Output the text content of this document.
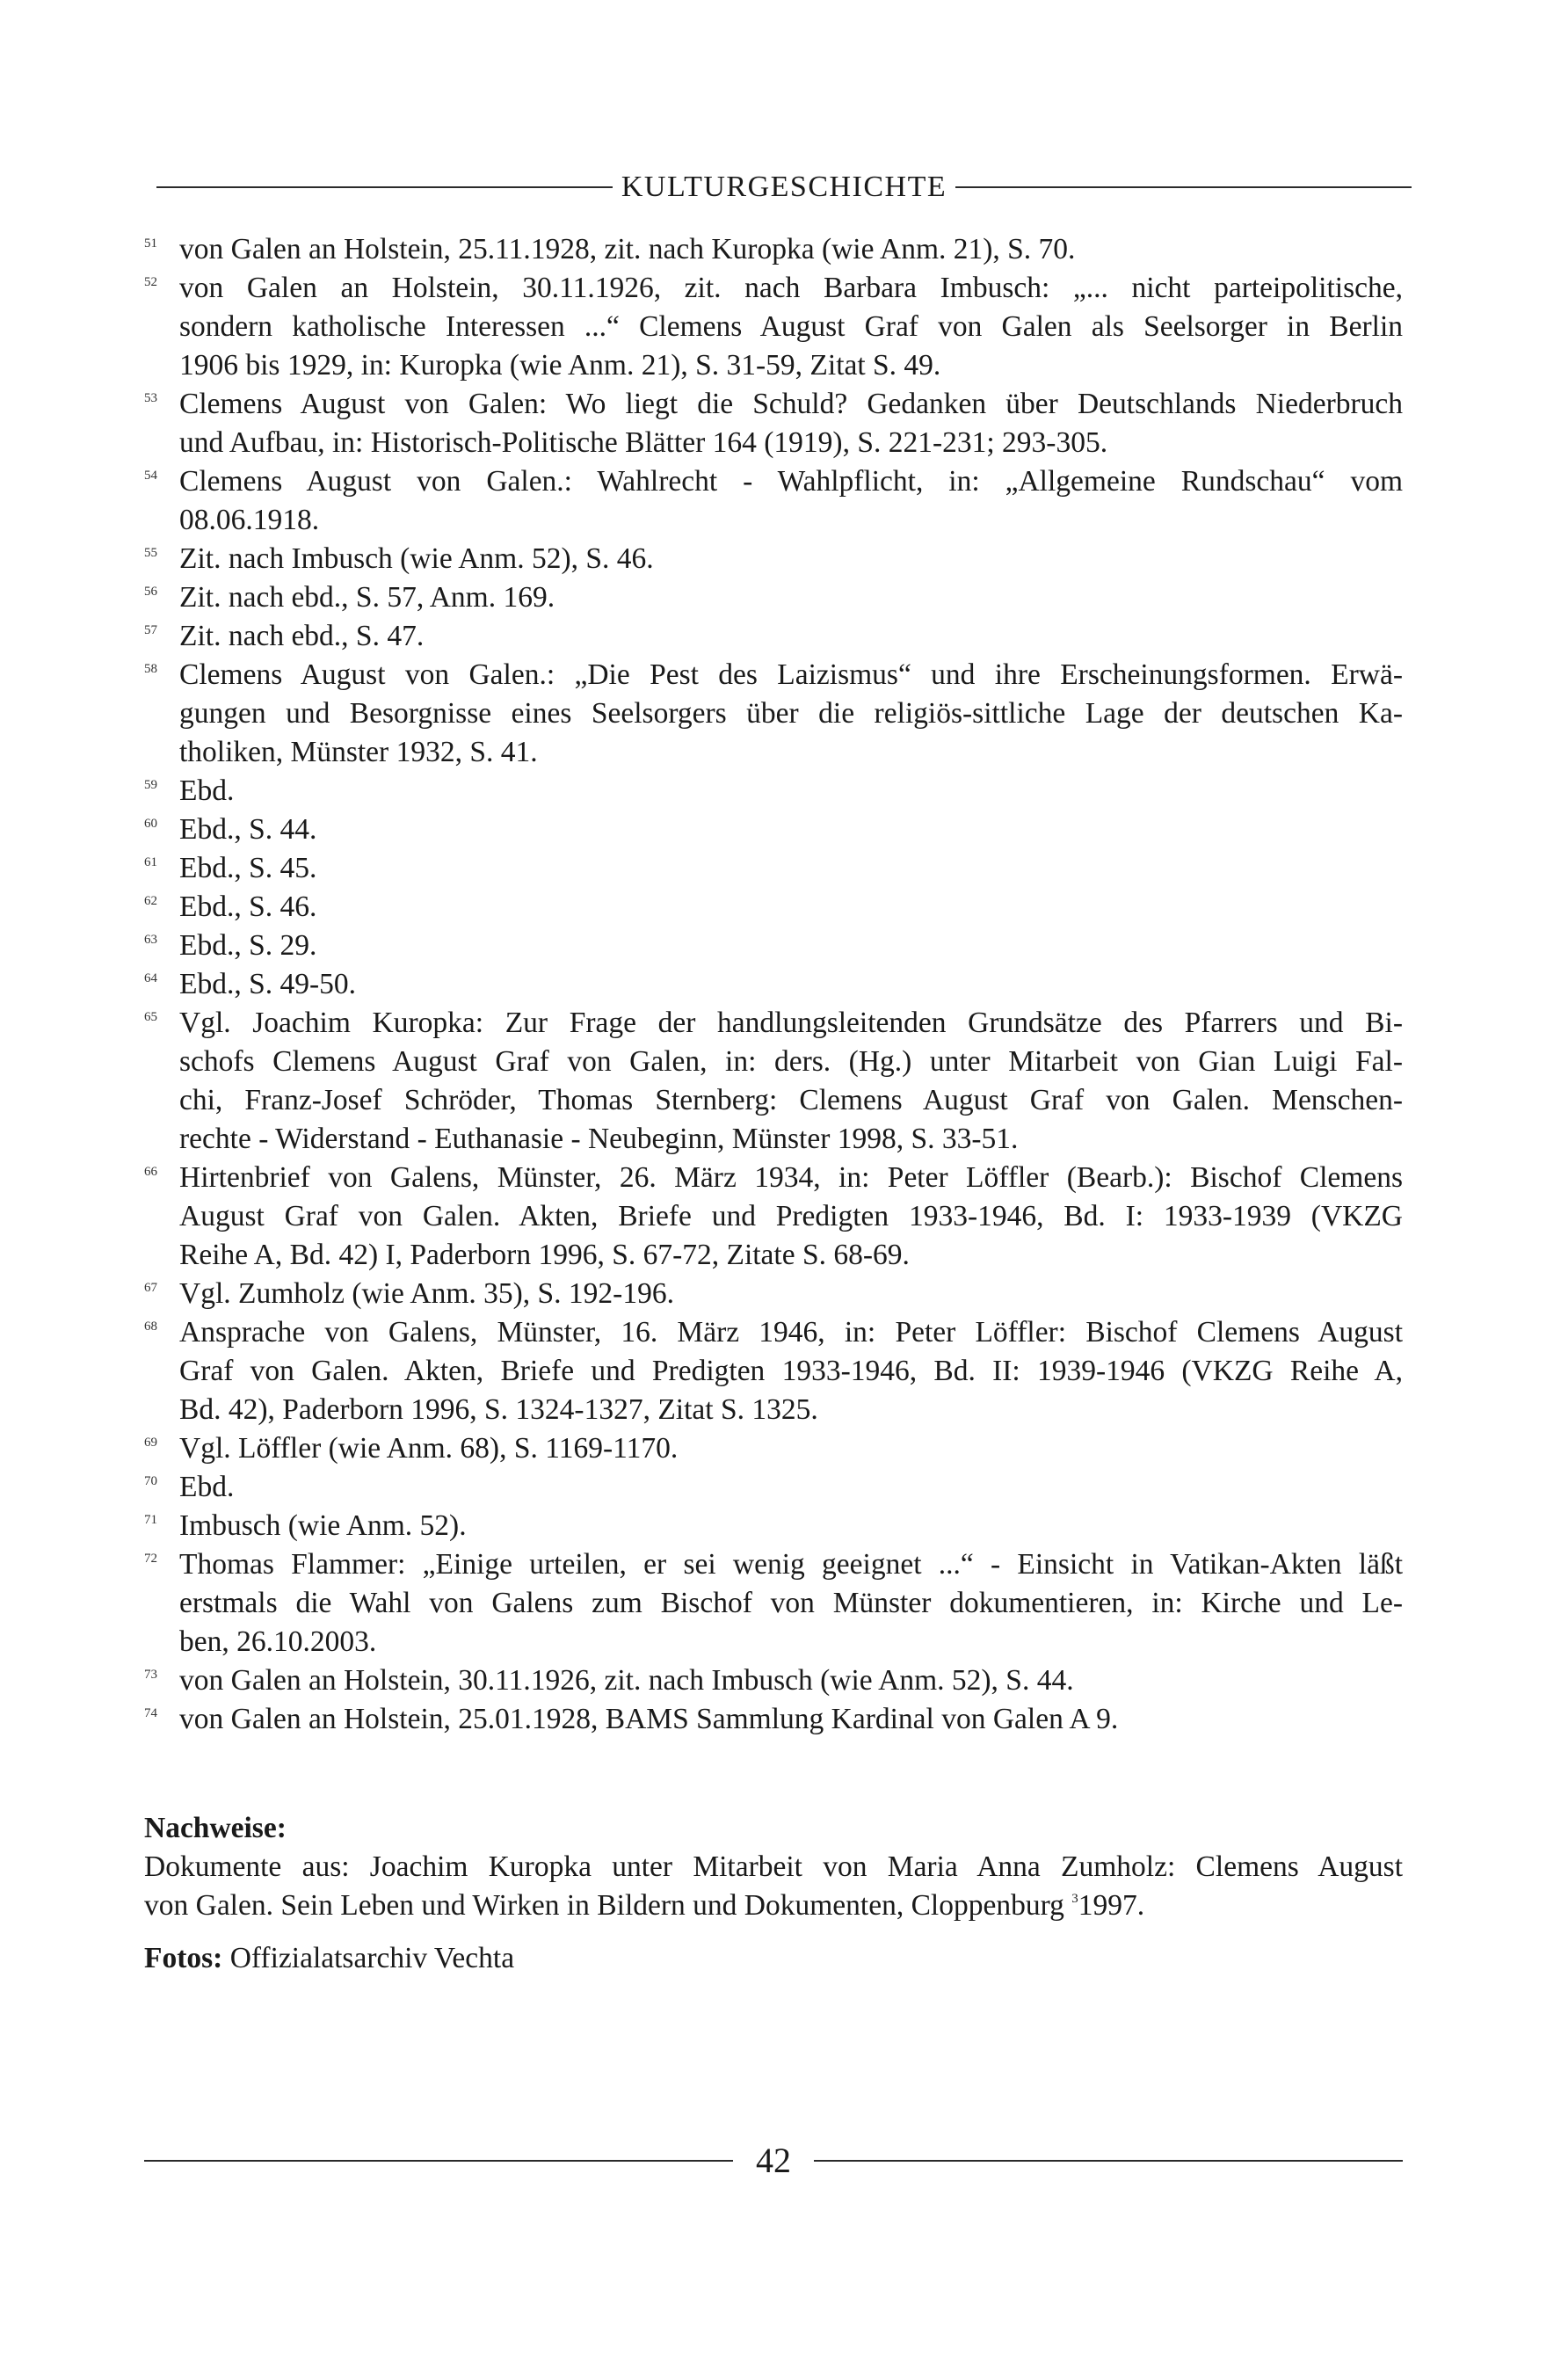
KULTURGESCHICHTE
51 von Galen an Holstein, 25.11.1928, zit. nach Kuropka (wie Anm. 21), S. 70.
52 von Galen an Holstein, 30.11.1926, zit. nach Barbara Imbusch: „... nicht parteipolitische,
sondern katholische Interessen ...“ Clemens August Graf von Galen als Seelsorger in Berlin
1906 bis 1929, in: Kuropka (wie Anm. 21), S. 31-59, Zitat S. 49.
53 Clemens August von Galen: Wo liegt die Schuld? Gedanken über Deutschlands Niederbruch
und Aufbau, in: Historisch-Politische Blätter 164 (1919), S. 221-231; 293-305.
54 Clemens August von Galen.: Wahlrecht - Wahlpflicht, in: „Allgemeine Rundschau“ vom
08.06.1918.
55 Zit. nach Imbusch (wie Anm. 52), S. 46.
56 Zit. nach ebd., S. 57, Anm. 169.
57 Zit. nach ebd., S. 47.
58 Clemens August von Galen.: „Die Pest des Laizismus“ und ihre Erscheinungsformen. Erwä-
gungen und Besorgnisse eines Seelsorgers über die religiös-sittliche Lage der deutschen Ka-
tholiken, Münster 1932, S. 41.
59 Ebd.
60 Ebd., S. 44.
61 Ebd., S. 45.
62 Ebd., S. 46.
63 Ebd., S. 29.
64 Ebd., S. 49-50.
65 Vgl. Joachim Kuropka: Zur Frage der handlungsleitenden Grundsätze des Pfarrers und Bi-
schofs Clemens August Graf von Galen, in: ders. (Hg.) unter Mitarbeit von Gian Luigi Fal-
chi, Franz-Josef Schröder, Thomas Sternberg: Clemens August Graf von Galen. Menschen-
rechte - Widerstand - Euthanasie - Neubeginn, Münster 1998, S. 33-51.
66 Hirtenbrief von Galens, Münster, 26. März 1934, in: Peter Löffler (Bearb.): Bischof Clemens
August Graf von Galen. Akten, Briefe und Predigten 1933-1946, Bd. I: 1933-1939 (VKZG
Reihe A, Bd. 42) I, Paderborn 1996, S. 67-72, Zitate S. 68-69.
67 Vgl. Zumholz (wie Anm. 35), S. 192-196.
68 Ansprache von Galens, Münster, 16. März 1946, in: Peter Löffler: Bischof Clemens August
Graf von Galen. Akten, Briefe und Predigten 1933-1946, Bd. II: 1939-1946 (VKZG Reihe A,
Bd. 42), Paderborn 1996, S. 1324-1327, Zitat S. 1325.
69 Vgl. Löffler (wie Anm. 68), S. 1169-1170.
70 Ebd.
71 Imbusch (wie Anm. 52).
72 Thomas Flammer: „Einige urteilen, er sei wenig geeignet ...“ - Einsicht in Vatikan-Akten läßt
erstmals die Wahl von Galens zum Bischof von Münster dokumentieren, in: Kirche und Le-
ben, 26.10.2003.
73 von Galen an Holstein, 30.11.1926, zit. nach Imbusch (wie Anm. 52), S. 44.
74 von Galen an Holstein, 25.01.1928, BAMS Sammlung Kardinal von Galen A 9.
Nachweise:
Dokumente aus: Joachim Kuropka unter Mitarbeit von Maria Anna Zumholz: Clemens August
von Galen. Sein Leben und Wirken in Bildern und Dokumenten, Cloppenburg $^3$1997.
Fotos: Offizialatsarchiv Vechta
42
